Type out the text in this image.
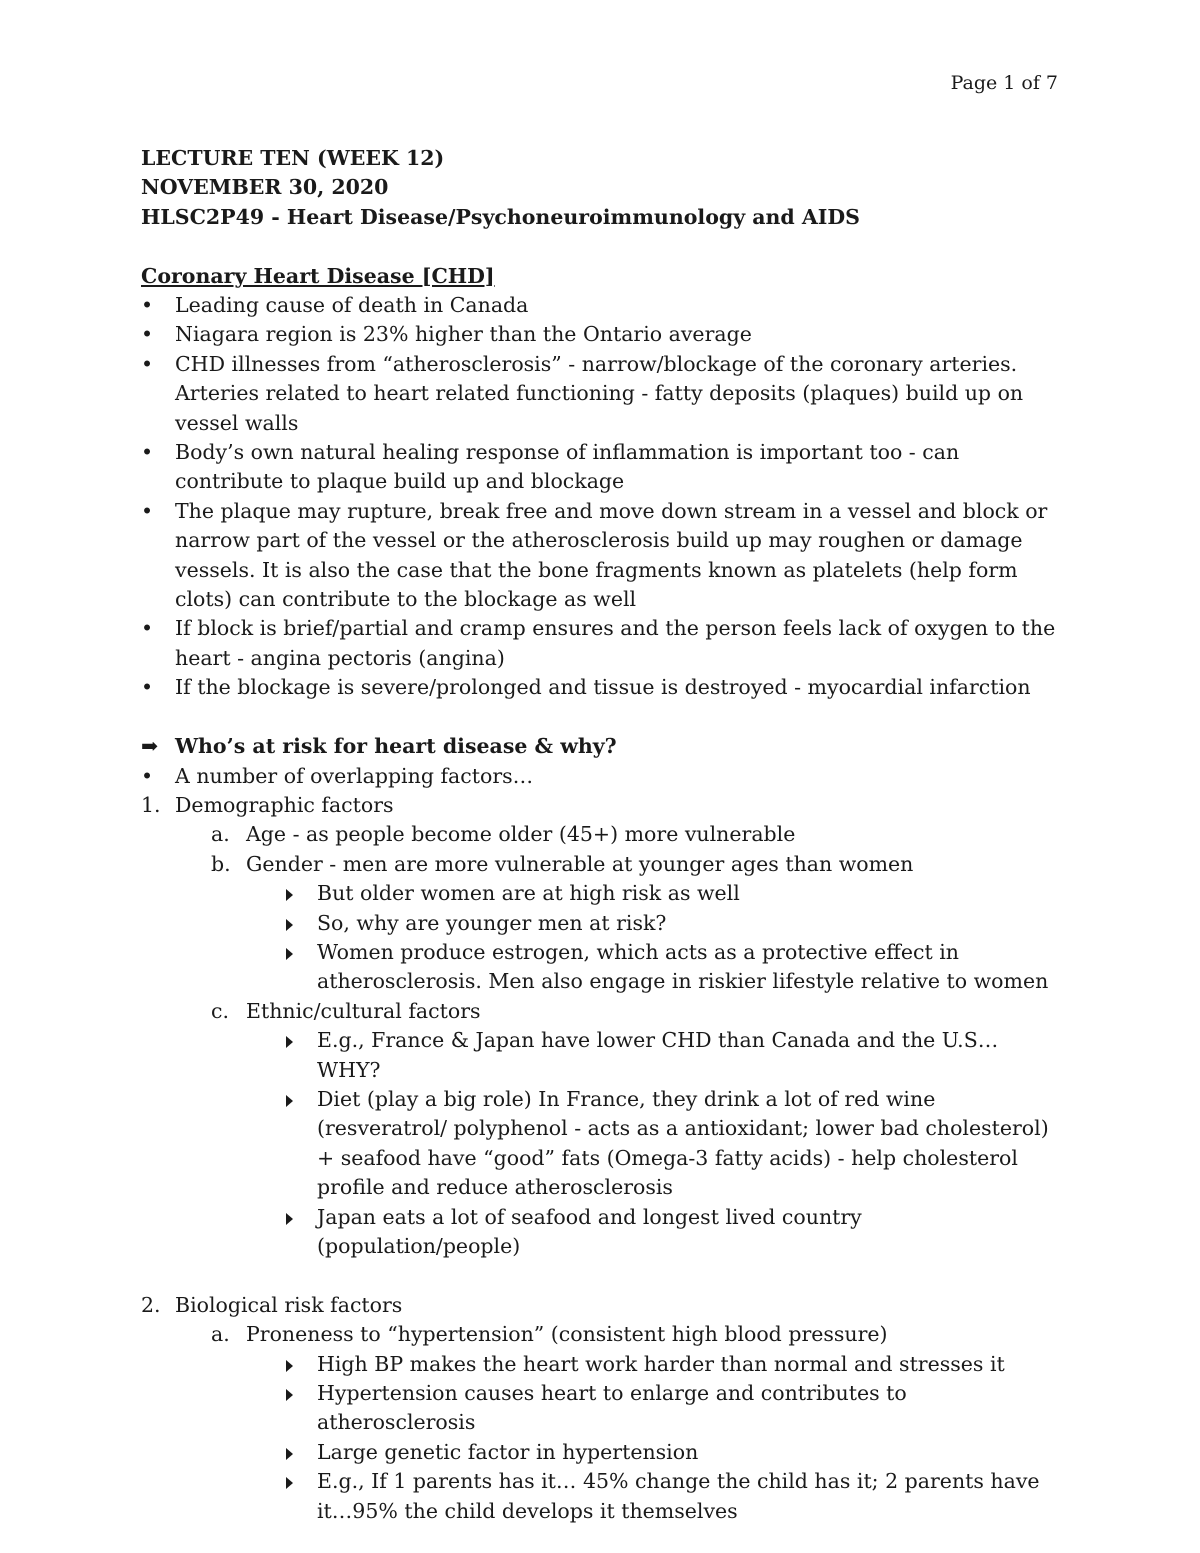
Page 1 of 7

LECTURE TEN (WEEK 12)

NOVEMBER 30, 2020

HLSC2P49 - Heart Disease/Psychoneuroimmunology and AIDS

Coronary Heart Disease [CHD]

•	Leading cause of death in Canada
•	Niagara region is 23% higher than the Ontario average
•	CHD illnesses from “atherosclerosis” - narrow/blockage of the coronary arteries. Arteries related to heart related functioning - fatty deposits (plaques) build up on vessel walls
•	Body’s own natural healing response of inflammation is important too - can contribute to plaque build up and blockage
•	The plaque may rupture, break free and move down stream in a vessel and block or narrow part of the vessel or the atherosclerosis build up may roughen or damage vessels. It is also the case that the bone fragments known as platelets (help form clots) can contribute to the blockage as well
•	If block is brief/partial and cramp ensures and the person feels lack of oxygen to the heart - angina pectoris (angina)
•	If the blockage is severe/prolonged and tissue is destroyed - myocardial infarction
➡ Who’s at risk for heart disease & why?
•	A number of overlapping factors…
1. Demographic factors
a. Age - as people become older (45+) more vulnerable
b. Gender - men are more vulnerable at younger ages than women
But older women are at high risk as well
So, why are younger men at risk?
Women produce estrogen, which acts as a protective effect in atherosclerosis. Men also engage in riskier lifestyle relative to women
c. Ethnic/cultural factors
E.g., France & Japan have lower CHD than Canada and the U.S… WHY?
Diet (play a big role) In France, they drink a lot of red wine (resveratrol/ polyphenol - acts as a antioxidant; lower bad cholesterol) + seafood have “good” fats (Omega-3 fatty acids) - help cholesterol profile and reduce atherosclerosis
Japan eats a lot of seafood and longest lived country (population/people)
2. Biological risk factors
a. Proneness to “hypertension” (consistent high blood pressure)
High BP makes the heart work harder than normal and stresses it
Hypertension causes heart to enlarge and contributes to atherosclerosis
Large genetic factor in hypertension
E.g., If 1 parents has it… 45% change the child has it; 2 parents have it…95% the child develops it themselves
